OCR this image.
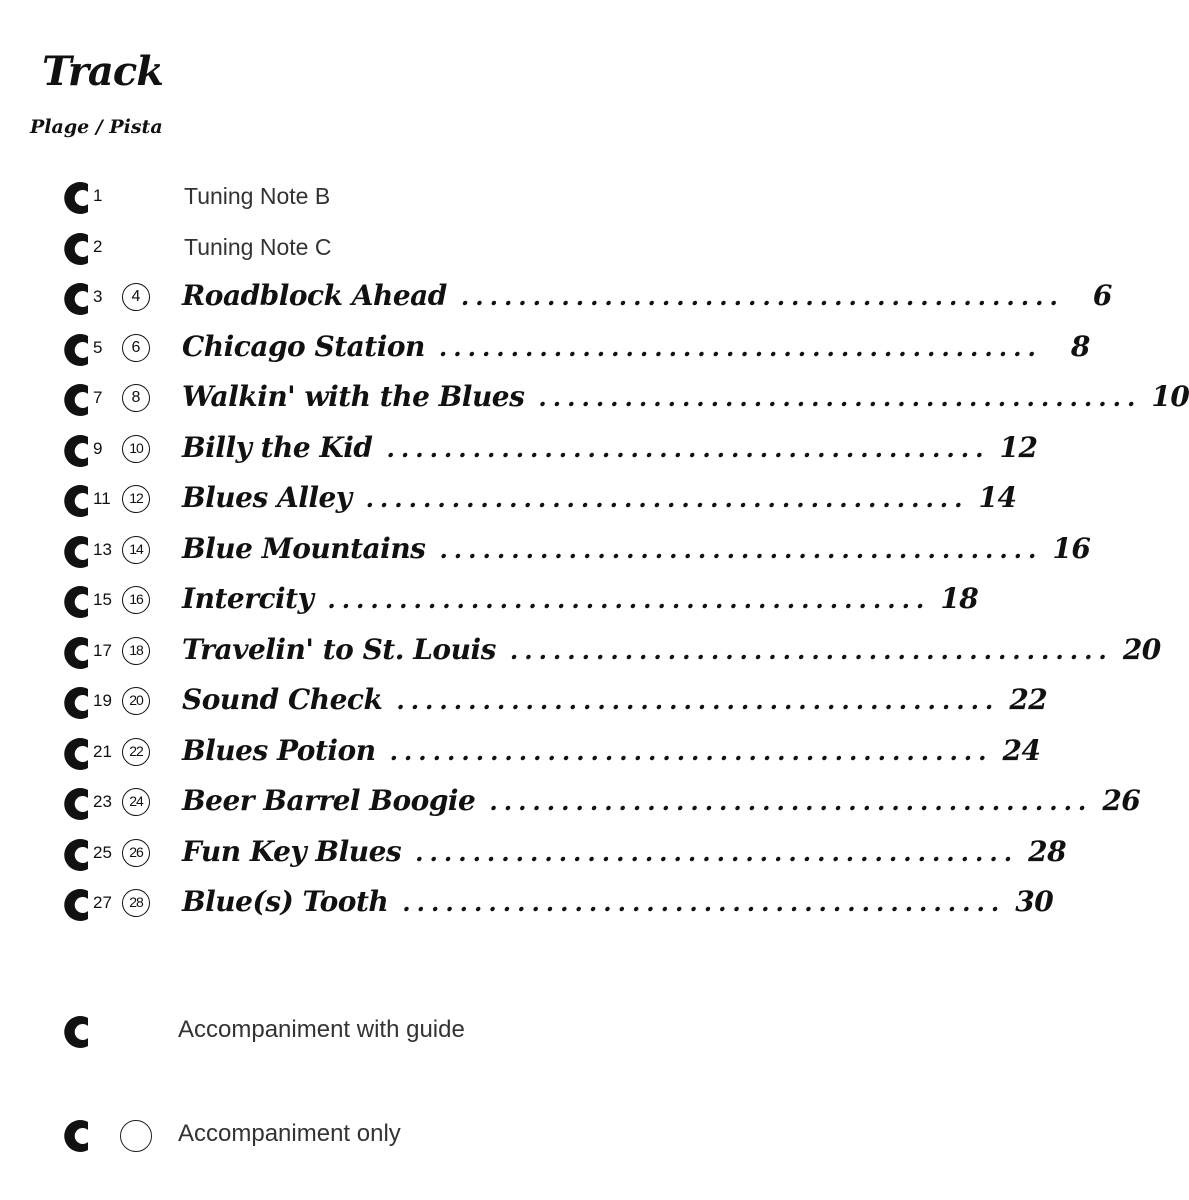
Track
Plage / Pista
1	Tuning Note B
2	Tuning Note C
3	4	Roadblock Ahead ..........................................	6
5	6	Chicago Station ..........................................	8
7	8	Walkin' with the Blues .......................................... 10
9	10 Billy the Kid .......................................... 12
11	12 Blues Alley .......................................... 14
13	14 Blue Mountains .......................................... 16
15	16 Intercity .......................................... 18
17	18 Travelin' to St. Louis .......................................... 20
19	20 Sound Check .......................................... 22
21	22 Blues Potion .......................................... 24
23	24 Beer Barrel Boogie .......................................... 26
25	26 Fun Key Blues .......................................... 28
27	28 Blue(s) Tooth .......................................... 30
Accompaniment with guide
Accompaniment only
